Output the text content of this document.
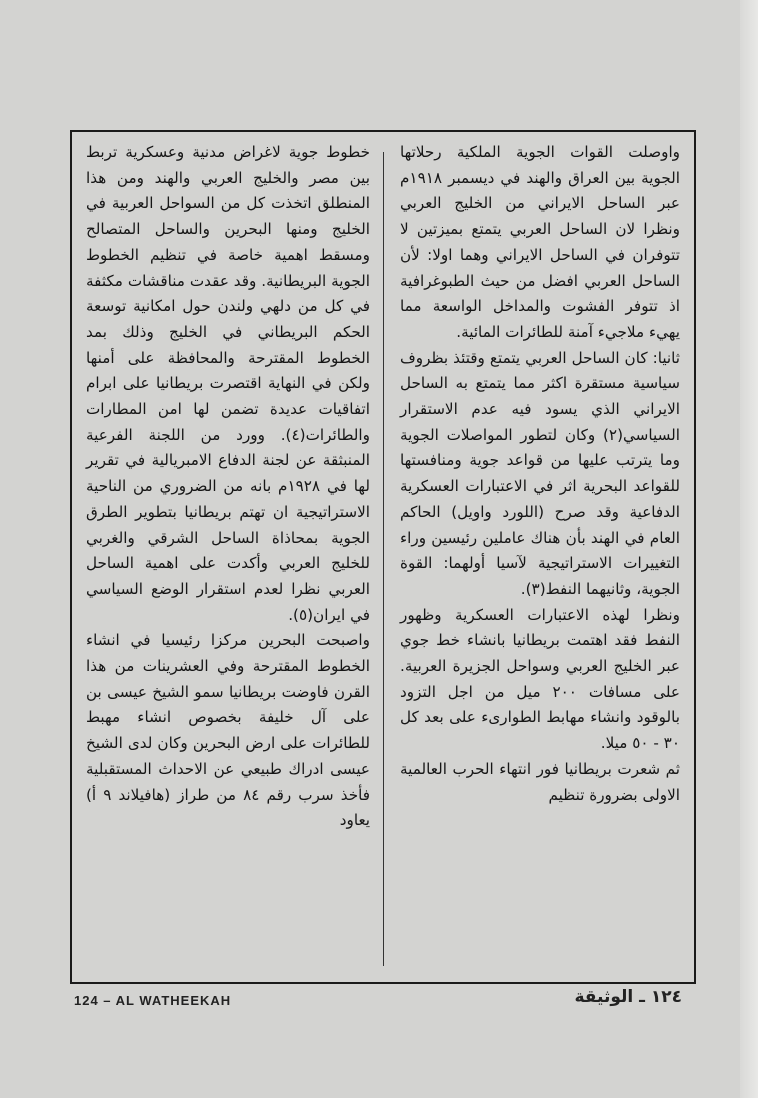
واوصلت القوات الجوية الملكية رحلاتها الجوية بين العراق والهند في ديسمبر ١٩١٨م عبر الساحل الايراني من الخليج العربي ونظرا لان الساحل العربي يتمتع بميزتين لا تتوفران في الساحل الايراني وهما اولا: لأن الساحل العربي افضل من حيث الطبوغرافية اذ تتوفر الفشوت والمداخل الواسعة مما يهيء ملاجيء آمنة للطائرات المائية.

ثانيا: كان الساحل العربي يتمتع وقتئذ بظروف سياسية مستقرة اكثر مما يتمتع به الساحل الايراني الذي يسود فيه عدم الاستقرار السياسي(٢) وكان لتطور المواصلات الجوية وما يترتب عليها من قواعد جوية ومنافستها للقواعد البحرية اثر في الاعتبارات العسكرية الدفاعية وقد صرح (اللورد واويل) الحاكم العام في الهند بأن هناك عاملين رئيسين وراء التغييرات الاستراتيجية لآسيا أولهما: القوة الجوية، وثانيهما النفط(٣).

ونظرا لهذه الاعتبارات العسكرية وظهور النفط فقد اهتمت بريطانيا بانشاء خط جوي عبر الخليج العربي وسواحل الجزيرة العربية. على مسافات ٢٠٠ ميل من اجل التزود بالوقود وانشاء مهابط الطوارىء على بعد كل ٣٠ - ٥٠ ميلا.

ثم شعرت بريطانيا فور انتهاء الحرب العالمية الاولى بضرورة تنظيم

خطوط جوية لاغراض مدنية وعسكرية تربط بين مصر والخليج العربي والهند ومن هذا المنطلق اتخذت كل من السواحل العربية في الخليج ومنها البحرين والساحل المتصالح ومسقط اهمية خاصة في تنظيم الخطوط الجوية البريطانية. وقد عقدت مناقشات مكثفة في كل من دلهي ولندن حول امكانية توسعة الحكم البريطاني في الخليج وذلك بمد الخطوط المقترحة والمحافظة على أمنها ولكن في النهاية اقتصرت بريطانيا على ابرام اتفاقيات عديدة تضمن لها امن المطارات والطائرات(٤). وورد من اللجنة الفرعية المنبثقة عن لجنة الدفاع الامبريالية في تقرير لها في ١٩٢٨م بانه من الضروري من الناحية الاستراتيجية ان تهتم بريطانيا بتطوير الطرق الجوية بمحاذاة الساحل الشرقي والغربي للخليج العربي وأكدت على اهمية الساحل العربي نظرا لعدم استقرار الوضع السياسي في ايران(٥).

واصبحت البحرين مركزا رئيسيا في انشاء الخطوط المقترحة وفي العشرينات من هذا القرن فاوضت بريطانيا سمو الشيخ عيسى بن على آل خليفة بخصوص انشاء مهبط للطائرات على ارض البحرين وكان لدى الشيخ عيسى ادراك طبيعي عن الاحداث المستقبلية فأخذ سرب رقم ٨٤ من طراز (هافيلاند ٩ أ) يعاود

124 – AL WATHEEKAH	١٢٤ ـ الوثيقة
